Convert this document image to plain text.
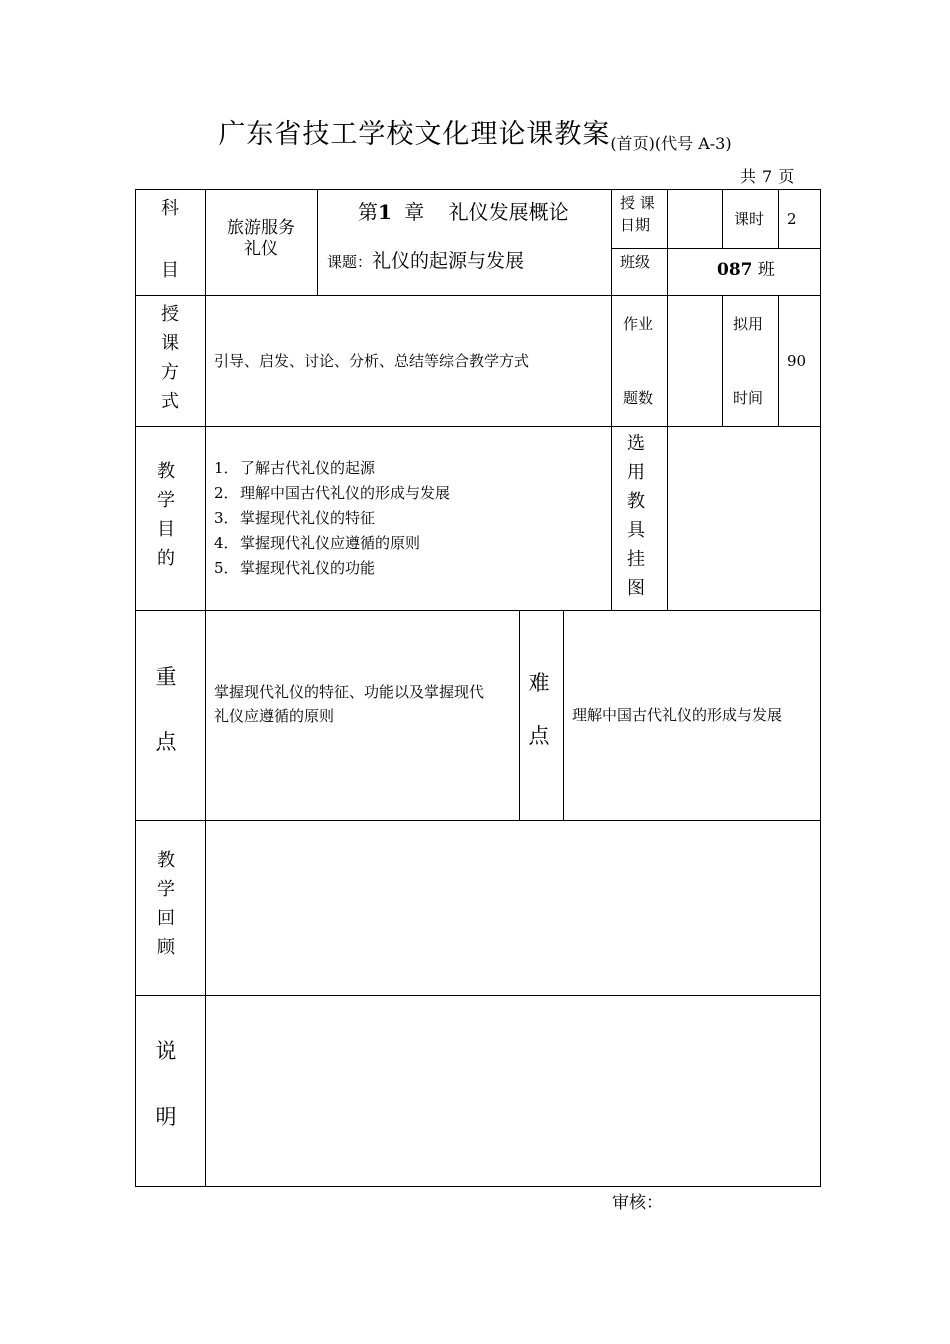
广东省技工学校文化理论课教案(首页)(代号 A-3)
共 7 页
科
目
旅游服务
礼仪
第1 章 礼仪发展概论
课题：礼仪的起源与发展
授 课
日期	课时 2
班级	087 班
授
课
方
式
引导、启发、讨论、分析、总结等综合教学方式
作业
题数
拟用
时间
90
教
学
目
的
1．了解古代礼仪的起源
2．理解中国古代礼仪的形成与发展
3．掌握现代礼仪的特征
4．掌握现代礼仪应遵循的原则
5．掌握现代礼仪的功能
选
用
教
具
挂
图
重
点
掌握现代礼仪的特征、功能以及掌握现代
礼仪应遵循的原则
难
点
理解中国古代礼仪的形成与发展
教
学
回
顾
说
明
审核：
